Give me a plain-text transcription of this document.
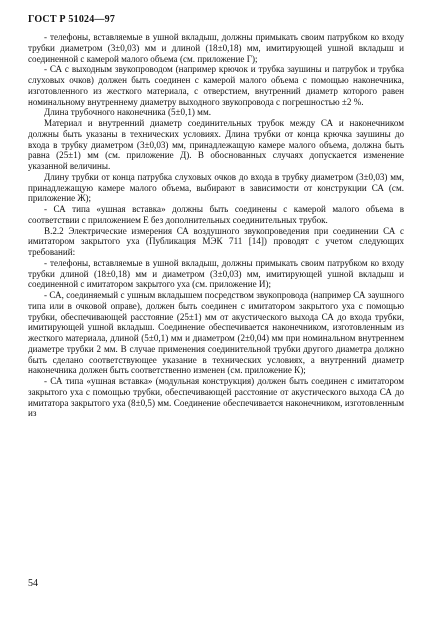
ГОСТ Р 51024—97

- телефоны, вставляемые в ушной вкладыш, должны примыкать своим патрубком ко входу трубки диаметром (3±0,03) мм и длиной (18±0,18) мм, имитирующей ушной вкладыш и соединенной с камерой малого объема (см. приложение Г);

- СА с выходным звукопроводом (например крючок и трубка заушины и патрубок и трубка слуховых очков) должен быть соединен с камерой малого объема с помощью наконечника, изготовленного из жесткого материала, с отверстием, внутренний диаметр которого равен номинальному внутреннему диаметру выходного звукопровода с погрешностью ±2 %.

Длина трубочного наконечника (5±0,1) мм.

Материал и внутренний диаметр соединительных трубок между СА и наконечником должны быть указаны в технических условиях. Длина трубки от конца крючка заушины до входа в трубку диаметром (3±0,03) мм, принадлежащую камере малого объема, должна быть равна (25±1) мм (см. приложение Д). В обоснованных случаях допускается изменение указанной величины.

Длину трубки от конца патрубка слуховых очков до входа в трубку диаметром (3±0,03) мм, принадлежащую камере малого объема, выбирают в зависимости от конструкции СА (см. приложение Ж);

- СА типа «ушная вставка» должны быть соединены с камерой малого объема в соответствии с приложением Е без дополнительных соединительных трубок.

В.2.2 Электрические измерения СА воздушного звукопроведения при соединении СА с имитатором закрытого уха (Публикация МЭК 711 [14]) проводят с учетом следующих требований:

- телефоны, вставляемые в ушной вкладыш, должны примыкать своим патрубком ко входу трубки длиной (18±0,18) мм и диаметром (3±0,03) мм, имитирующей ушной вкладыш и соединенной с имитатором закрытого уха (см. приложение И);

- СА, соединяемый с ушным вкладышем посредством звукопровода (например СА заушного типа или в очковой оправе), должен быть соединен с имитатором закрытого уха с помощью трубки, обеспечивающей расстояние (25±1) мм от акустического выхода СА до входа трубки, имитирующей ушной вкладыш. Соединение обеспечивается наконечником, изготовленным из жесткого материала, длиной (5±0,1) мм и диаметром (2±0,04) мм при номинальном внутреннем диаметре трубки 2 мм. В случае применения соединительной трубки другого диаметра должно быть сделано соответствующее указание в технических условиях, а внутренний диаметр наконечника должен быть соответственно изменен (см. приложение К);

- СА типа «ушная вставка» (модульная конструкция) должен быть соединен с имитатором закрытого уха с помощью трубки, обеспечивающей расстояние от акустического выхода СА до имитатора закрытого уха (8±0,5) мм. Соединение обеспечивается наконечником, изготовленным из

54
